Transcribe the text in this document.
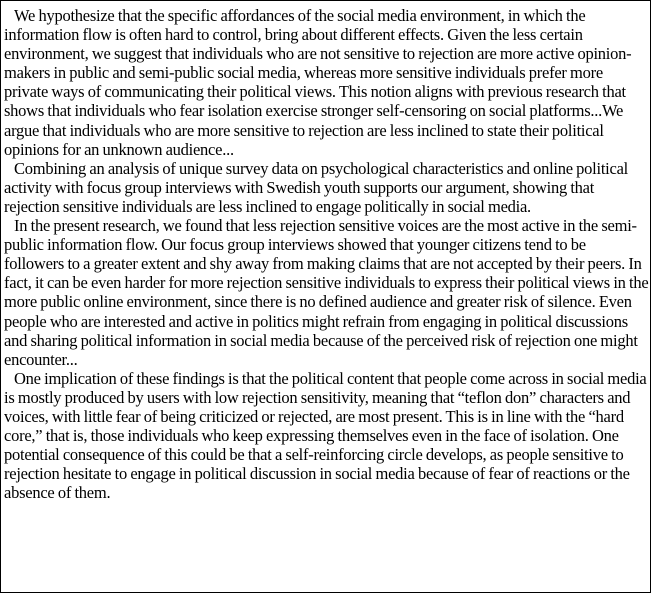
We hypothesize that the specific affordances of the social media environment, in which the information flow is often hard to control, bring about different effects. Given the less certain environment, we suggest that individuals who are not sensitive to rejection are more active opinion-makers in public and semi-public social media, whereas more sensitive individuals prefer more private ways of communicating their political views. This notion aligns with previous research that shows that individuals who fear isolation exercise stronger self-censoring on social platforms...We argue that individuals who are more sensitive to rejection are less inclined to state their political opinions for an unknown audience...

Combining an analysis of unique survey data on psychological characteristics and online political activity with focus group interviews with Swedish youth supports our argument, showing that rejection sensitive individuals are less inclined to engage politically in social media.

In the present research, we found that less rejection sensitive voices are the most active in the semi-public information flow. Our focus group interviews showed that younger citizens tend to be followers to a greater extent and shy away from making claims that are not accepted by their peers. In fact, it can be even harder for more rejection sensitive individuals to express their political views in the more public online environment, since there is no defined audience and greater risk of silence. Even people who are interested and active in politics might refrain from engaging in political discussions and sharing political information in social media because of the perceived risk of rejection one might encounter...

One implication of these findings is that the political content that people come across in social media is mostly produced by users with low rejection sensitivity, meaning that “teflon don” characters and voices, with little fear of being criticized or rejected, are most present. This is in line with the “hard core,” that is, those individuals who keep expressing themselves even in the face of isolation. One potential consequence of this could be that a self-reinforcing circle develops, as people sensitive to rejection hesitate to engage in political discussion in social media because of fear of reactions or the absence of them.
